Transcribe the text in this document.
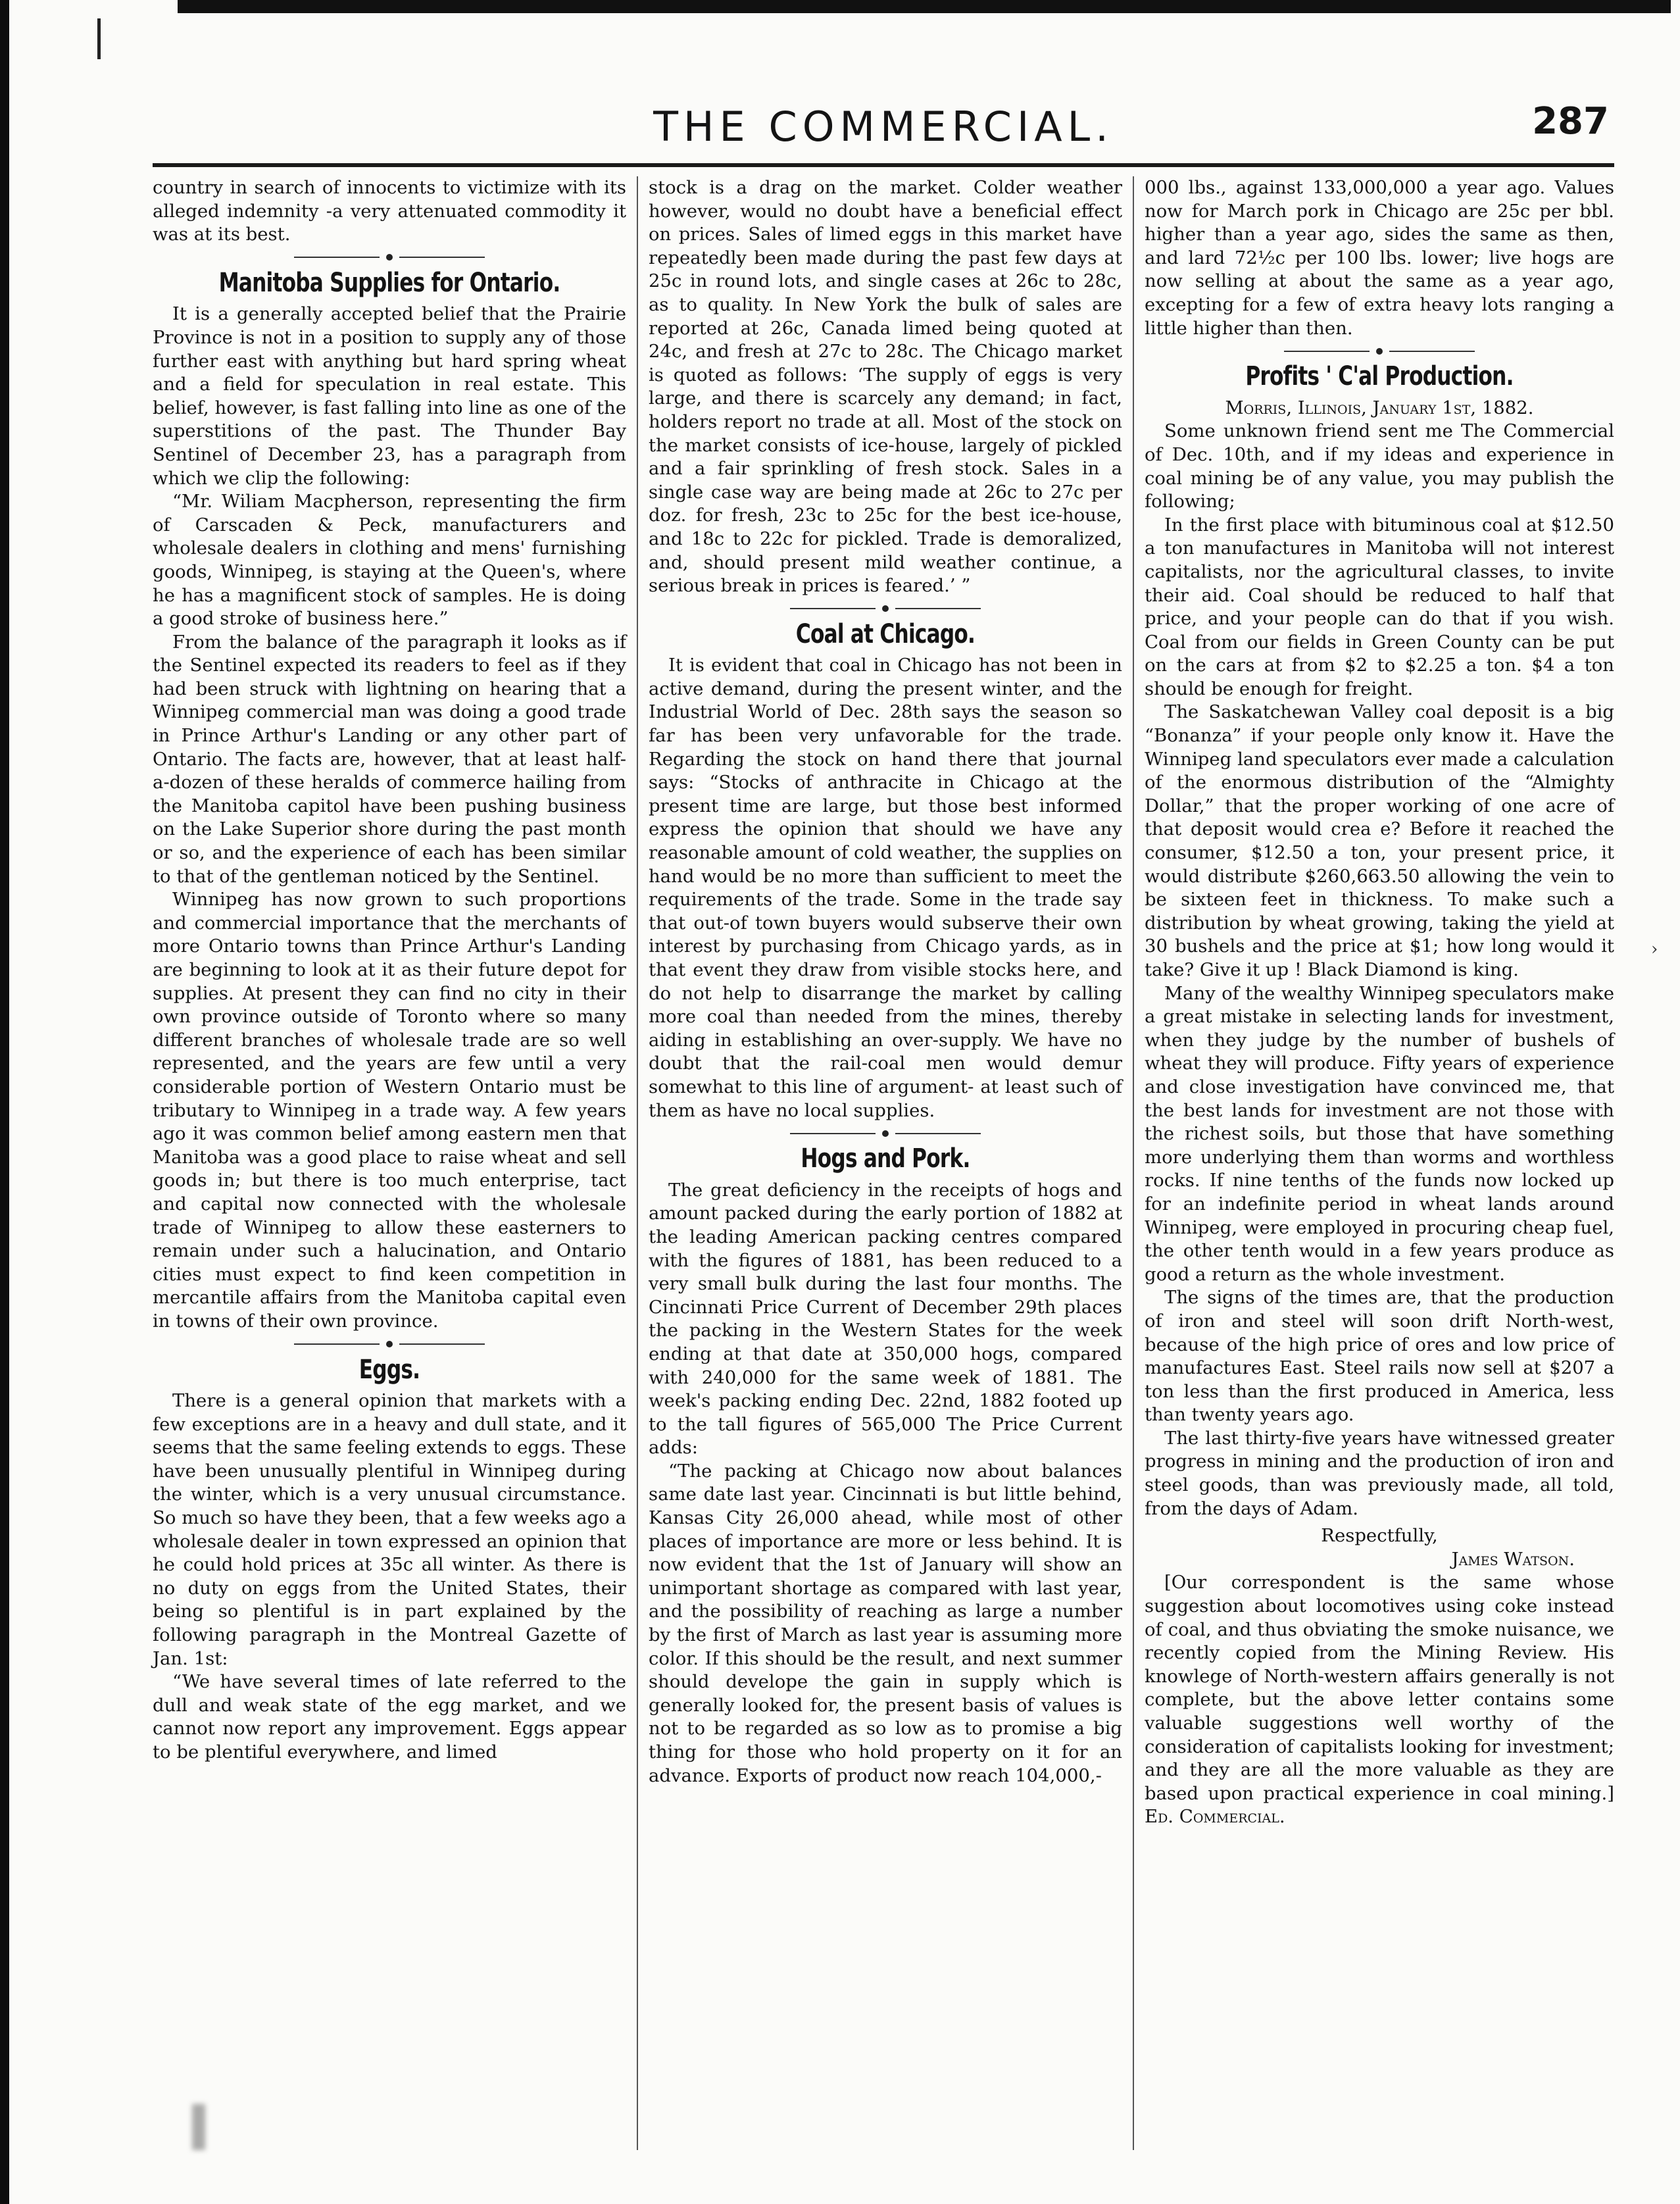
THE COMMERCIAL.	287

country in search of innocents to victimize with its alleged indemnity -a very attenuated commodity it was at its best.

Manitoba Supplies for Ontario.

It is a generally accepted belief that the Prairie Province is not in a position to supply any of those further east with anything but hard spring wheat and a field for speculation in real estate. This belief, however, is fast falling into line as one of the superstitions of the past. The Thunder Bay Sentinel of December 23, has a paragraph from which we clip the following:

“Mr. Wiliam Macpherson, representing the firm of Carscaden & Peck, manufacturers and wholesale dealers in clothing and mens' furnishing goods, Winnipeg, is staying at the Queen's, where he has a magnificent stock of samples. He is doing a good stroke of business here.”

From the balance of the paragraph it looks as if the Sentinel expected its readers to feel as if they had been struck with lightning on hearing that a Winnipeg commercial man was doing a good trade in Prince Arthur's Landing or any other part of Ontario. The facts are, however, that at least half-a-dozen of these heralds of commerce hailing from the Manitoba capitol have been pushing business on the Lake Superior shore during the past month or so, and the experience of each has been similar to that of the gentleman noticed by the Sentinel.

Winnipeg has now grown to such proportions and commercial importance that the merchants of more Ontario towns than Prince Arthur's Landing are beginning to look at it as their future depot for supplies. At present they can find no city in their own province outside of Toronto where so many different branches of wholesale trade are so well represented, and the years are few until a very considerable portion of Western Ontario must be tributary to Winnipeg in a trade way. A few years ago it was common belief among eastern men that Manitoba was a good place to raise wheat and sell goods in; but there is too much enterprise, tact and capital now connected with the wholesale trade of Winnipeg to allow these easterners to remain under such a halucination, and Ontario cities must expect to find keen competition in mercantile affairs from the Manitoba capital even in towns of their own province.

Eggs.

There is a general opinion that markets with a few exceptions are in a heavy and dull state, and it seems that the same feeling extends to eggs. These have been unusually plentiful in Winnipeg during the winter, which is a very unusual circumstance. So much so have they been, that a few weeks ago a wholesale dealer in town expressed an opinion that he could hold prices at 35c all winter. As there is no duty on eggs from the United States, their being so plentiful is in part explained by the following paragraph in the Montreal Gazette of Jan. 1st:

“We have several times of late referred to the dull and weak state of the egg market, and we cannot now report any improvement. Eggs appear to be plentiful everywhere, and limed

stock is a drag on the market. Colder weather however, would no doubt have a beneficial effect on prices. Sales of limed eggs in this market have repeatedly been made during the past few days at 25c in round lots, and single cases at 26c to 28c, as to quality. In New York the bulk of sales are reported at 26c, Canada limed being quoted at 24c, and fresh at 27c to 28c. The Chicago market is quoted as follows: ‘The supply of eggs is very large, and there is scarcely any demand; in fact, holders report no trade at all. Most of the stock on the market consists of ice-house, largely of pickled and a fair sprinkling of fresh stock. Sales in a single case way are being made at 26c to 27c per doz. for fresh, 23c to 25c for the best ice-house, and 18c to 22c for pickled. Trade is demoralized, and, should present mild weather continue, a serious break in prices is feared.’ ”

Coal at Chicago.

It is evident that coal in Chicago has not been in active demand, during the present winter, and the Industrial World of Dec. 28th says the season so far has been very unfavorable for the trade. Regarding the stock on hand there that journal says: “Stocks of anthracite in Chicago at the present time are large, but those best informed express the opinion that should we have any reasonable amount of cold weather, the supplies on hand would be no more than sufficient to meet the requirements of the trade. Some in the trade say that out-of town buyers would subserve their own interest by purchasing from Chicago yards, as in that event they draw from visible stocks here, and do not help to disarrange the market by calling more coal than needed from the mines, thereby aiding in establishing an over-supply. We have no doubt that the rail-coal men would demur somewhat to this line of argument- at least such of them as have no local supplies.

Hogs and Pork.

The great deficiency in the receipts of hogs and amount packed during the early portion of 1882 at the leading American packing centres compared with the figures of 1881, has been reduced to a very small bulk during the last four months. The Cincinnati Price Current of December 29th places the packing in the Western States for the week ending at that date at 350,000 hogs, compared with 240,000 for the same week of 1881. The week's packing ending Dec. 22nd, 1882 footed up to the tall figures of 565,000 The Price Current adds:

“The packing at Chicago now about balances same date last year. Cincinnati is but little behind, Kansas City 26,000 ahead, while most of other places of importance are more or less behind. It is now evident that the 1st of January will show an unimportant shortage as compared with last year, and the possibility of reaching as large a number by the first of March as last year is assuming more color. If this should be the result, and next summer should develope the gain in supply which is generally looked for, the present basis of values is not to be regarded as so low as to promise a big thing for those who hold property on it for an advance. Exports of product now reach 104,000,-

000 lbs., against 133,000,000 a year ago. Values now for March pork in Chicago are 25c per bbl. higher than a year ago, sides the same as then, and lard 72½c per 100 lbs. lower; live hogs are now selling at about the same as a year ago, excepting for a few of extra heavy lots ranging a little higher than then.

Profits ' C'al Production.
Morris, Illinois, January 1st, 1882.

Some unknown friend sent me The Commercial of Dec. 10th, and if my ideas and experience in coal mining be of any value, you may publish the following;

In the first place with bituminous coal at $12.50 a ton manufactures in Manitoba will not interest capitalists, nor the agricultural classes, to invite their aid. Coal should be reduced to half that price, and your people can do that if you wish. Coal from our fields in Green County can be put on the cars at from $2 to $2.25 a ton. $4 a ton should be enough for freight.

The Saskatchewan Valley coal deposit is a big “Bonanza” if your people only know it. Have the Winnipeg land speculators ever made a calculation of the enormous distribution of the “Almighty Dollar,” that the proper working of one acre of that deposit would crea e? Before it reached the consumer, $12.50 a ton, your present price, it would distribute $260,663.50 allowing the vein to be sixteen feet in thickness. To make such a distribution by wheat growing, taking the yield at 30 bushels and the price at $1; how long would it take? Give it up ! Black Diamond is king.

Many of the wealthy Winnipeg speculators make a great mistake in selecting lands for investment, when they judge by the number of bushels of wheat they will produce. Fifty years of experience and close investigation have convinced me, that the best lands for investment are not those with the richest soils, but those that have something more underlying them than worms and worthless rocks. If nine tenths of the funds now locked up for an indefinite period in wheat lands around Winnipeg, were employed in procuring cheap fuel, the other tenth would in a few years produce as good a return as the whole investment.

The signs of the times are, that the production of iron and steel will soon drift North-west, because of the high price of ores and low price of manufactures East. Steel rails now sell at $207 a ton less than the first produced in America, less than twenty years ago.

The last thirty-five years have witnessed greater progress in mining and the production of iron and steel goods, than was previously made, all told, from the days of Adam.

Respectfully,
James Watson.

[Our correspondent is the same whose suggestion about locomotives using coke instead of coal, and thus obviating the smoke nuisance, we recently copied from the Mining Review. His knowlege of North-western affairs generally is not complete, but the above letter contains some valuable suggestions well worthy of the consideration of capitalists looking for investment; and they are all the more valuable as they are based upon practical experience in coal mining.] Ed. Commercial.

›
